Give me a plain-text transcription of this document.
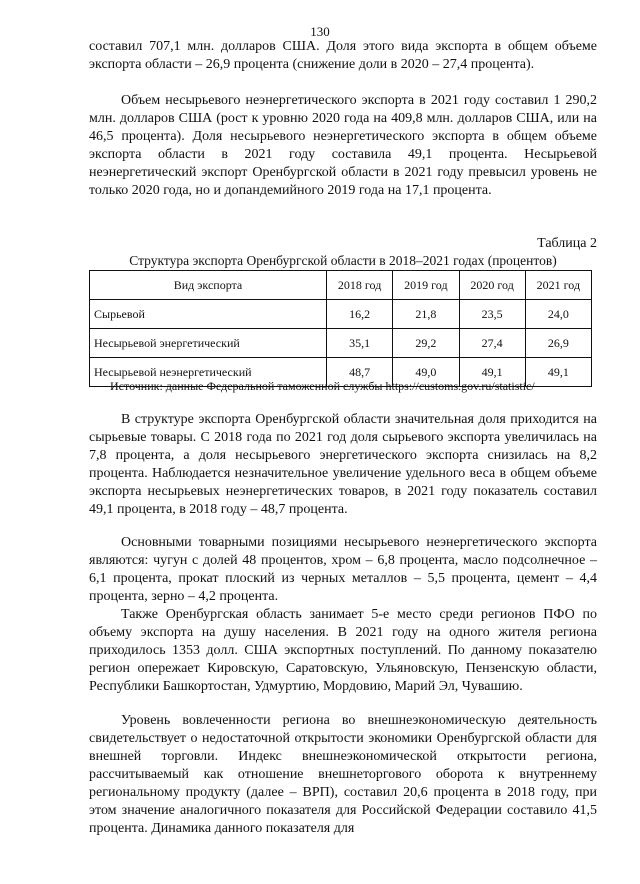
130
составил 707,1 млн. долларов США. Доля этого вида экспорта в общем объеме экспорта области – 26,9 процента (снижение доли в 2020 – 27,4 процента).
Объем несырьевого неэнергетического экспорта в 2021 году составил 1 290,2 млн. долларов США (рост к уровню 2020 года на 409,8 млн. долларов США, или на 46,5 процента). Доля несырьевого неэнергетического экспорта в общем объеме экспорта области в 2021 году составила 49,1 процента. Несырьевой неэнергетический экспорт Оренбургской области в 2021 году превысил уровень не только 2020 года, но и допандемийного 2019 года на 17,1 процента.
Таблица 2
Структура экспорта Оренбургской области в 2018–2021 годах (процентов)
Вид экспорта	2018 год	2019 год	2020 год	2021 год
Сырьевой	16,2	21,8	23,5	24,0
Несырьевой энергетический	35,1	29,2	27,4	26,9
Несырьевой неэнергетический	48,7	49,0	49,1	49,1
Источник: данные Федеральной таможенной службы https://customs.gov.ru/statistic/
В структуре экспорта Оренбургской области значительная доля приходится на сырьевые товары. С 2018 года по 2021 год доля сырьевого экспорта увеличилась на 7,8 процента, а доля несырьевого энергетического экспорта снизилась на 8,2 процента. Наблюдается незначительное увеличение удельного веса в общем объеме экспорта несырьевых неэнергетических товаров, в 2021 году показатель составил 49,1 процента, в 2018 году – 48,7 процента.
Основными товарными позициями несырьевого неэнергетического экспорта являются: чугун с долей 48 процентов, хром – 6,8 процента, масло подсолнечное – 6,1 процента, прокат плоский из черных металлов – 5,5 процента, цемент – 4,4 процента, зерно – 4,2 процента.
Также Оренбургская область занимает 5-е место среди регионов ПФО по объему экспорта на душу населения. В 2021 году на одного жителя региона приходилось 1353 долл. США экспортных поступлений. По данному показателю регион опережает Кировскую, Саратовскую, Ульяновскую, Пензенскую области, Республики Башкортостан, Удмуртию, Мордовию, Марий Эл, Чувашию.
Уровень вовлеченности региона во внешнеэкономическую деятельность свидетельствует о недостаточной открытости экономики Оренбургской области для внешней торговли. Индекс внешнеэкономической открытости региона, рассчитываемый как отношение внешнеторгового оборота к внутреннему региональному продукту (далее – ВРП), составил 20,6 процента в 2018 году, при этом значение аналогичного показателя для Российской Федерации составило 41,5 процента. Динамика данного показателя для
